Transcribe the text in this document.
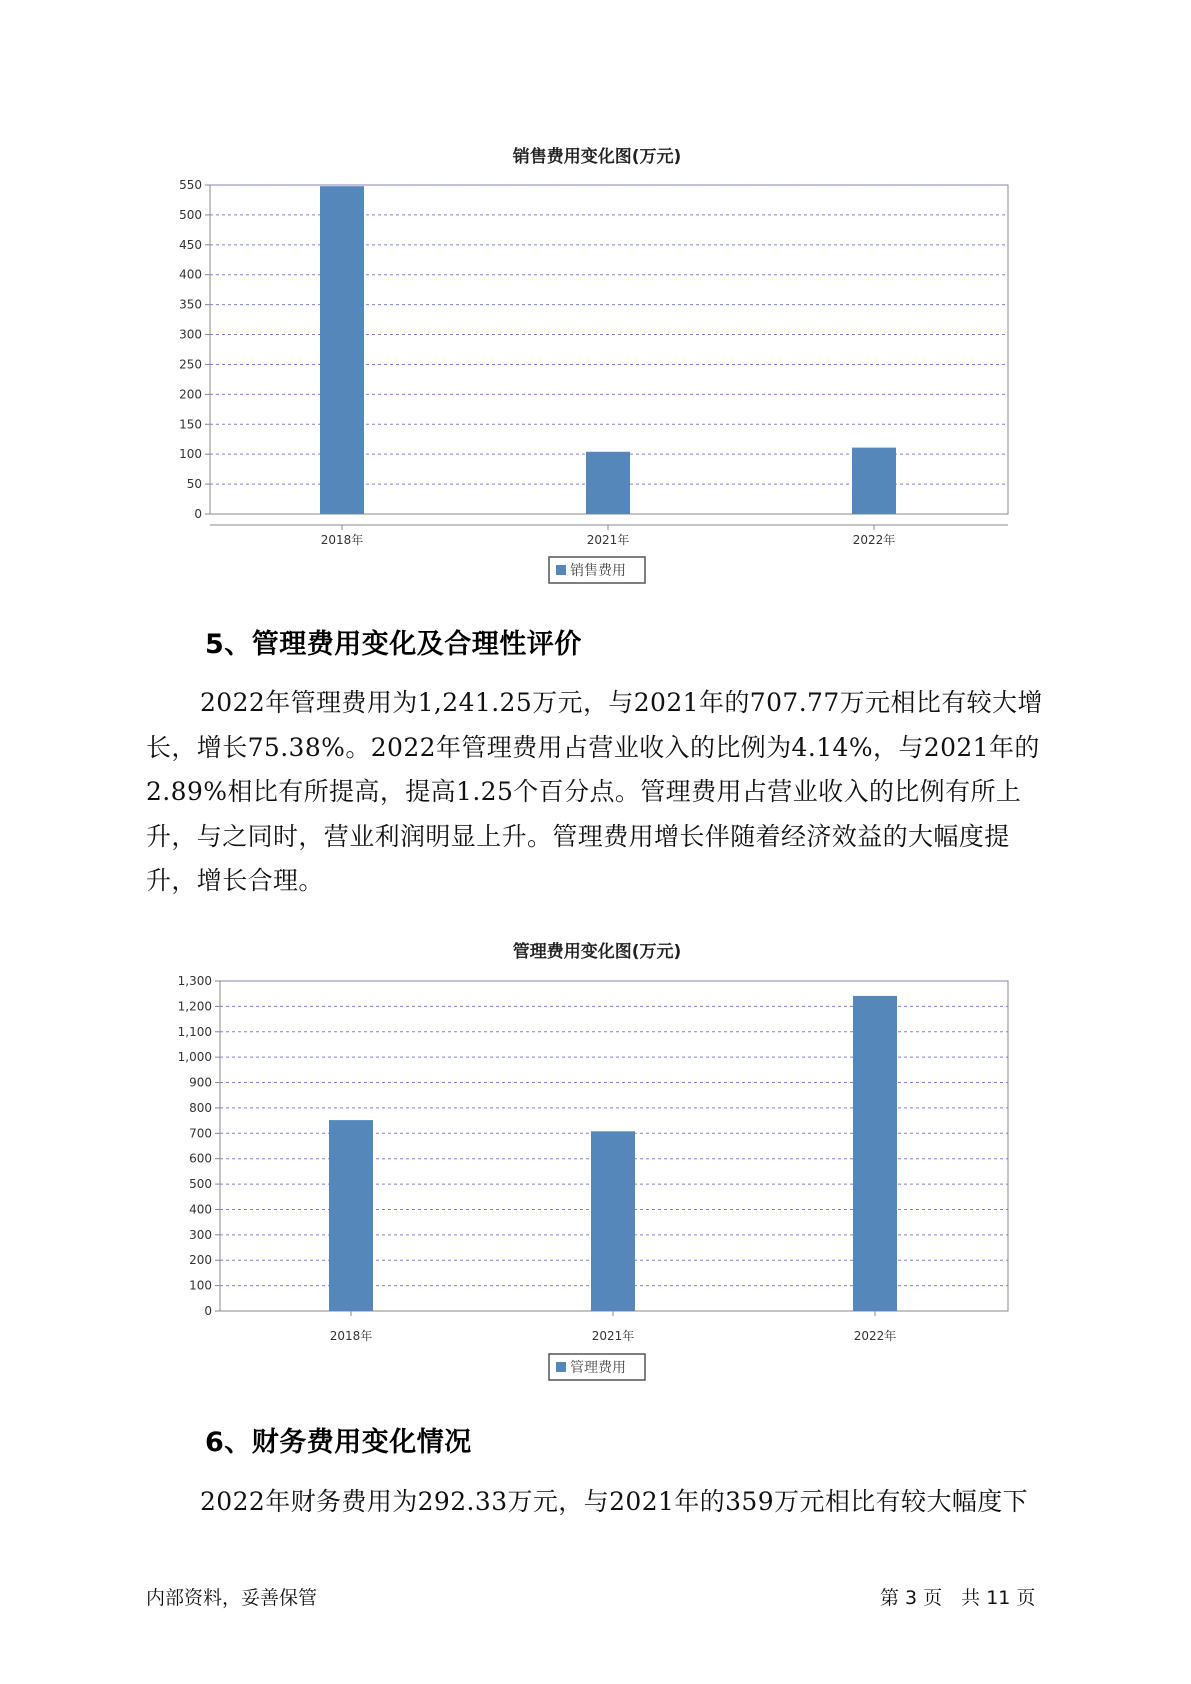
销售费用变化图(万元)
0
50
100
150
200
250
300
350
400
450
500
550
2018年	2021年	2022年
销售费用
管理费用变化图(万元)
0
100
200
300
400
500
600
700
800
900
1,000
1,100
1,200
1,300
2018年	2021年	2022年
管理费用
5、管理费用变化及合理性评价

2022年管理费用为1,241.25万元，与2021年的707.77万元相比有较大增长，增长75.38%。2022年管理费用占营业收入的比例为4.14%，与2021年的2.89%相比有所提高，提高1.25个百分点。管理费用占营业收入的比例有所上升，与之同时，营业利润明显上升。管理费用增长伴随着经济效益的大幅度提升，增长合理。

6、财务费用变化情况

2022年财务费用为292.33万元，与2021年的359万元相比有较大幅度下

内部资料，妥善保管	第 3 页　共 11 页
